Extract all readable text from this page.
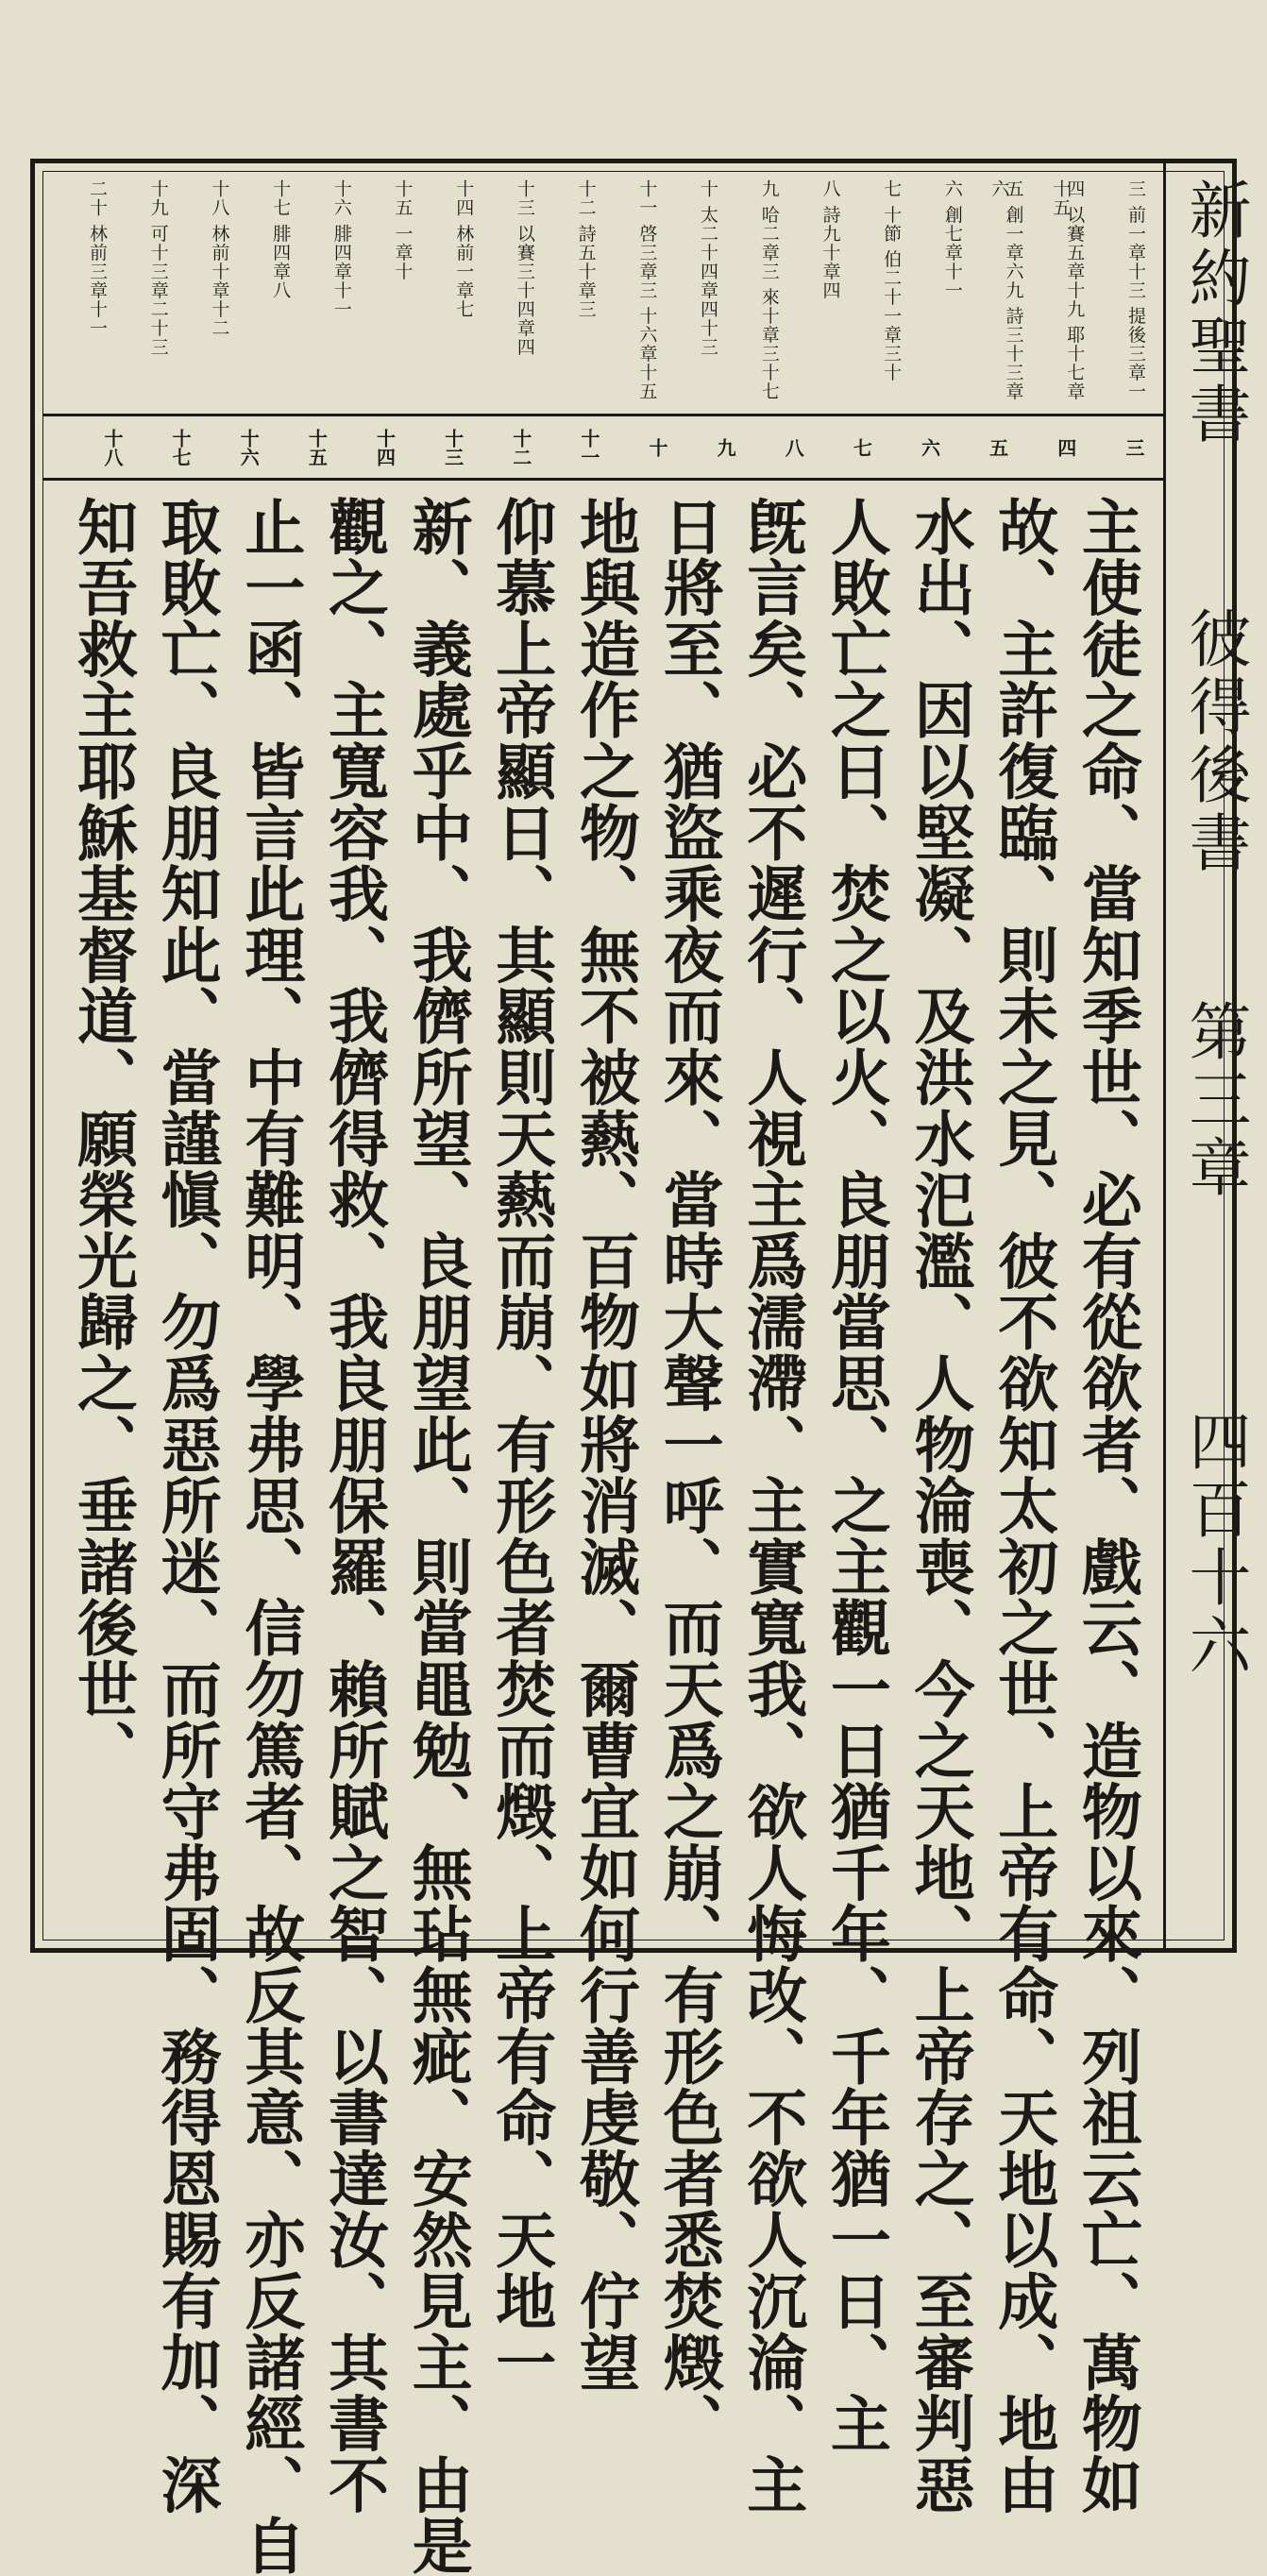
新約聖書
彼得後書
第三章
四百十六
三 前一章十三 提後三章一
四 以賽五章十九 耶十七章十五
五 創一章六九 詩三十三章六
六 創七章十一
七 十節 伯二十一章三十
八 詩九十章四
九 哈二章三 來十章三十七
十 太二十四章四十三
十一 啓三章三 十六章十五
十二 詩五十章三
十三 以賽三十四章四
十四 林前一章七
十五 一章十
十六 腓四章十一
十七 腓四章八
十八 林前十章十二
十九 可十三章二十三
二十 林前三章十一
三
四
五
六
七
八
九
十
十一
十二
十三
十四
十五
十六
十七
十八
主使徒之命、當知季世、必有從欲者、戲云、造物以來、列祖云亡、萬物如
故、主許復臨、則未之見、彼不欲知太初之世、上帝有命、天地以成、地由
水出、因以堅凝、及洪水汜濫、人物淪喪、今之天地、上帝存之、至審判惡
人敗亡之日、焚之以火、良朋當思、之主觀一日猶千年、千年猶一日、主
旣言矣、必不遲行、人視主爲濡滯、主實寬我、欲人悔改、不欲人沉淪、主
日將至、猶盜乘夜而來、當時大聲一呼、而天爲之崩、有形色者悉焚燬、
地與造作之物、無不被爇、百物如將消滅、爾曹宜如何行善虔敬、佇望
仰慕上帝顯日、其顯則天爇而崩、有形色者焚而燬、上帝有命、天地一
新、義處乎中、我儕所望、良朋望此、則當黽勉、無玷無疵、安然見主、由是
觀之、主寬容我、我儕得救、我良朋保羅、賴所賦之智、以書達汝、其書不
止一函、皆言此理、中有難明、學弗思、信勿篤者、故反其意、亦反諸經、自
取敗亡、良朋知此、當謹愼、勿爲惡所迷、而所守弗固、務得恩賜有加、深
知吾救主耶穌基督道、願榮光歸之、垂諸後世、
